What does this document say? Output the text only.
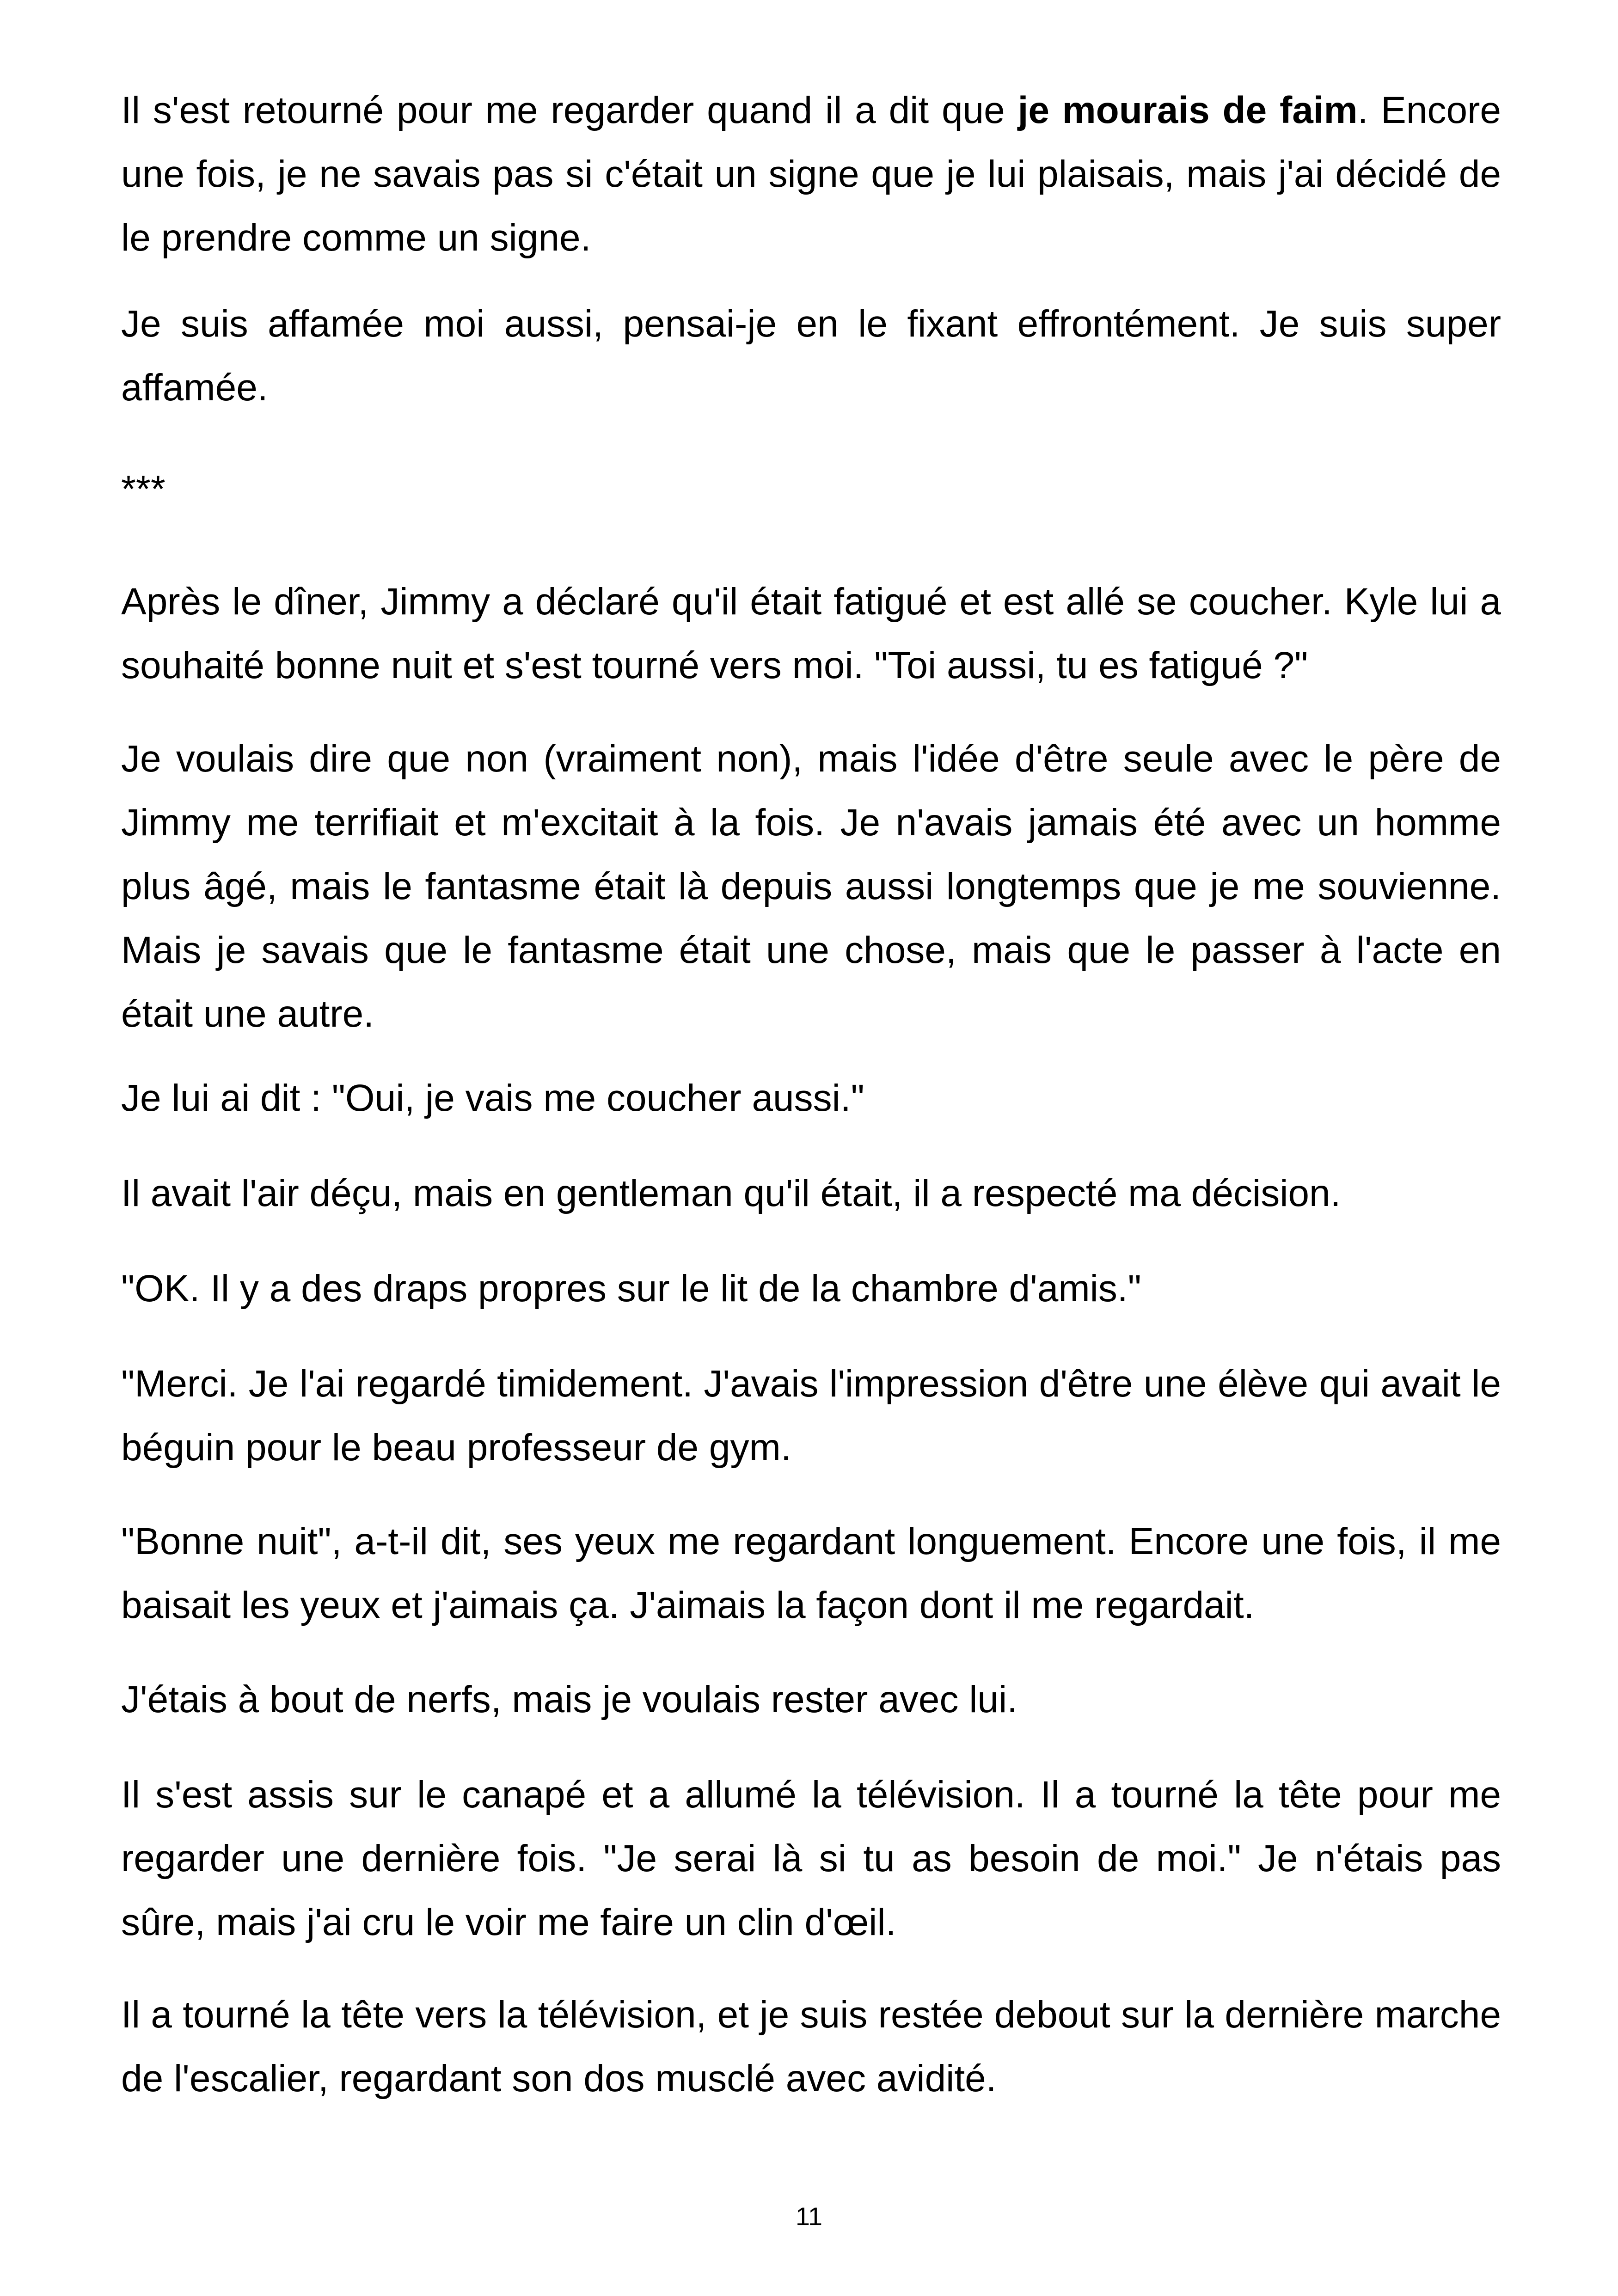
Il s'est retourné pour me regarder quand il a dit que je mourais de faim. Encore une fois, je ne savais pas si c'était un signe que je lui plaisais, mais j'ai décidé de le prendre comme un signe.

Je suis affamée moi aussi, pensai-je en le fixant effrontément. Je suis super affamée.

***

Après le dîner, Jimmy a déclaré qu'il était fatigué et est allé se coucher. Kyle lui a souhaité bonne nuit et s'est tourné vers moi. "Toi aussi, tu es fatigué ?"

Je voulais dire que non (vraiment non), mais l'idée d'être seule avec le père de Jimmy me terrifiait et m'excitait à la fois. Je n'avais jamais été avec un homme plus âgé, mais le fantasme était là depuis aussi longtemps que je me souvienne. Mais je savais que le fantasme était une chose, mais que le passer à l'acte en était une autre.

Je lui ai dit : "Oui, je vais me coucher aussi."

Il avait l'air déçu, mais en gentleman qu'il était, il a respecté ma décision.

"OK. Il y a des draps propres sur le lit de la chambre d'amis."

"Merci. Je l'ai regardé timidement. J'avais l'impression d'être une élève qui avait le béguin pour le beau professeur de gym.

"Bonne nuit", a-t-il dit, ses yeux me regardant longuement. Encore une fois, il me baisait les yeux et j'aimais ça. J'aimais la façon dont il me regardait.

J'étais à bout de nerfs, mais je voulais rester avec lui.

Il s'est assis sur le canapé et a allumé la télévision. Il a tourné la tête pour me regarder une dernière fois. "Je serai là si tu as besoin de moi." Je n'étais pas sûre, mais j'ai cru le voir me faire un clin d'œil.

Il a tourné la tête vers la télévision, et je suis restée debout sur la dernière marche de l'escalier, regardant son dos musclé avec avidité.

11
